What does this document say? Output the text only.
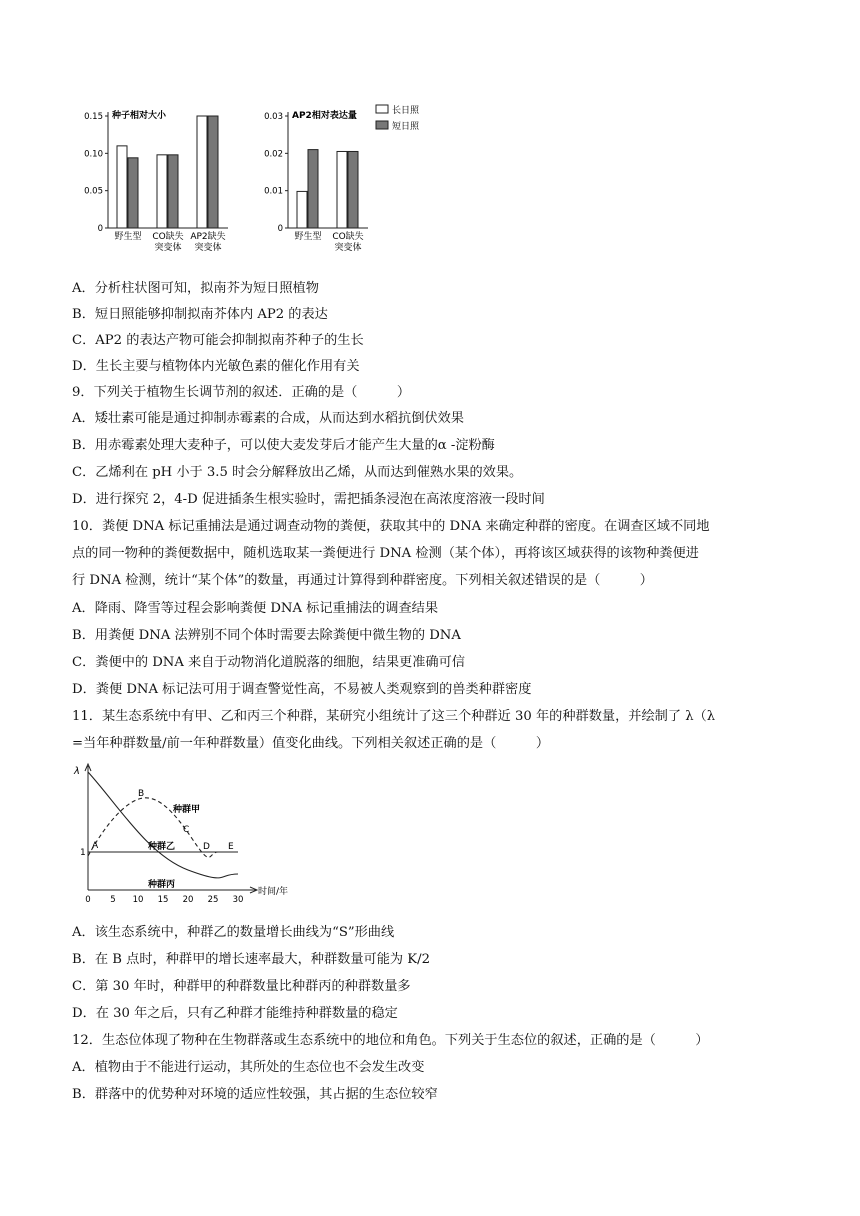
种子相对大小
0
0.05
0.10
0.15
野生型 CO缺失
突变体
AP2缺失
突变体
AP2相对表达量
0
0.01
0.02
0.03
野生型 CO缺失
突变体
长日照
短日照
A．分析柱状图可知，拟南芥为短日照植物
B．短日照能够抑制拟南芥体内 AP2 的表达
C．AP2 的表达产物可能会抑制拟南芥种子的生长
D．生长主要与植物体内光敏色素的催化作用有关
9．下列关于植物生长调节剂的叙述．正确的是（　　　）
A．矮壮素可能是通过抑制赤霉素的合成，从而达到水稻抗倒伏效果
B．用赤霉素处理大麦种子，可以使大麦发芽后才能产生大量的α -淀粉酶
C．乙烯利在 pH 小于 3.5 时会分解释放出乙烯，从而达到催熟水果的效果。
D．进行探究 2，4-D 促进插条生根实验时，需把插条浸泡在高浓度溶液一段时间
10．粪便 DNA 标记重捕法是通过调查动物的粪便，获取其中的 DNA 来确定种群的密度。在调查区域不同地
点的同一物种的粪便数据中，随机选取某一粪便进行 DNA 检测（某个体），再将该区域获得的该物种粪便进
行 DNA 检测，统计“某个体”的数量，再通过计算得到种群密度。下列相关叙述错误的是（　　　）
A．降雨、降雪等过程会影响粪便 DNA 标记重捕法的调查结果
B．用粪便 DNA 法辨别不同个体时需要去除粪便中微生物的 DNA
C．粪便中的 DNA 来自于动物消化道脱落的细胞，结果更准确可信
D．粪便 DNA 标记法可用于调查警觉性高，不易被人类观察到的兽类种群密度
11．某生态系统中有甲、乙和丙三个种群，某研究小组统计了这三个种群近 30 年的种群数量，并绘制了 λ（λ
=当年种群数量/前一年种群数量）值变化曲线。下列相关叙述正确的是（　　　）
λ
时间/年
1
0 5 10 15 20 25 30
A
B
C
D E
种群甲
种群乙
种群丙
A．该生态系统中，种群乙的数量增长曲线为“S”形曲线
B．在 B 点时，种群甲的增长速率最大，种群数量可能为 K/2
C．第 30 年时，种群甲的种群数量比种群丙的种群数量多
D．在 30 年之后，只有乙种群才能维持种群数量的稳定
12．生态位体现了物种在生物群落或生态系统中的地位和角色。下列关于生态位的叙述，正确的是（　　　）
A．植物由于不能进行运动，其所处的生态位也不会发生改变
B．群落中的优势种对环境的适应性较强，其占据的生态位较窄
